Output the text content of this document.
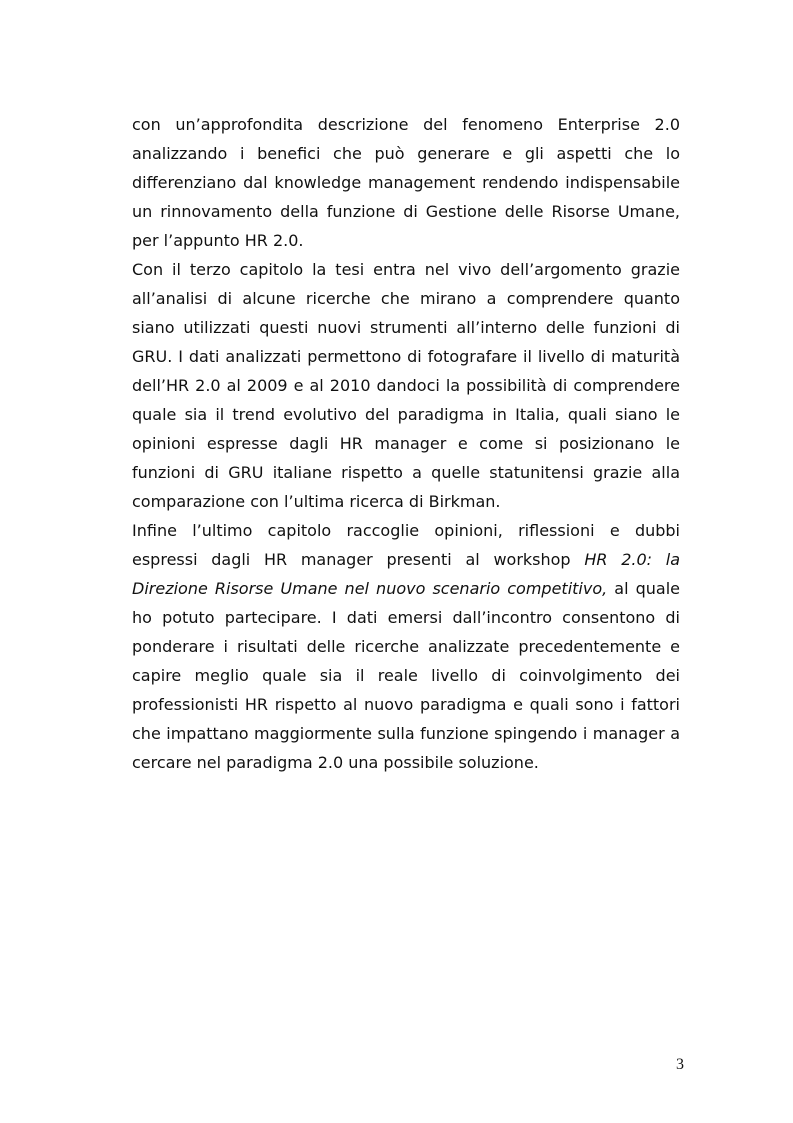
con un’approfondita descrizione del fenomeno Enterprise 2.0
analizzando i benefici che può generare e gli aspetti che lo
differenziano dal knowledge management rendendo indispensabile
un rinnovamento della funzione di Gestione delle Risorse Umane,
per l’appunto HR 2.0.
Con il terzo capitolo la tesi entra nel vivo dell’argomento grazie
all’analisi di alcune ricerche che mirano a comprendere quanto
siano utilizzati questi nuovi strumenti all’interno delle funzioni di
GRU. I dati analizzati permettono di fotografare il livello di maturità
dell’HR 2.0 al 2009 e al 2010 dandoci la possibilità di comprendere
quale sia il trend evolutivo del paradigma in Italia, quali siano le
opinioni espresse dagli HR manager e come si posizionano le
funzioni di GRU italiane rispetto a quelle statunitensi grazie alla
comparazione con l’ultima ricerca di Birkman.
Infine l’ultimo capitolo raccoglie opinioni, riflessioni e dubbi
espressi dagli HR manager presenti al workshop HR 2.0: la
Direzione Risorse Umane nel nuovo scenario competitivo, al quale
ho potuto partecipare. I dati emersi dall’incontro consentono di
ponderare i risultati delle ricerche analizzate precedentemente e
capire meglio quale sia il reale livello di coinvolgimento dei
professionisti HR rispetto al nuovo paradigma e quali sono i fattori
che impattano maggiormente sulla funzione spingendo i manager a
cercare nel paradigma 2.0 una possibile soluzione.
3
